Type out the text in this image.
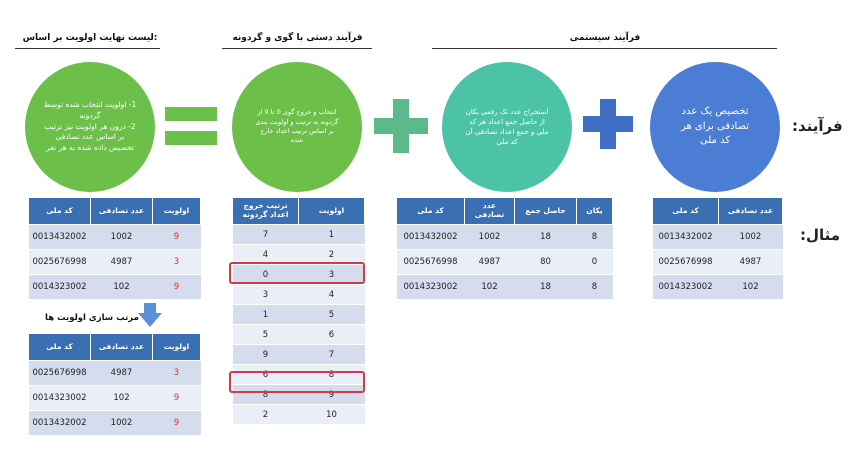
لیست نهایت اولویت بر اساس:	فرآیند دستی با گوی و گردونه	فرآیند سیستمی
1- اولویت انتخاب شده توسط گردونه
2- درون هر اولویت نیز ترتیب بر اساس عدد تصادفی تخصیص داده شده به هر نفر
انتخاب و خروج گوی 0 تا 9 از گردونه به ترتیب و اولویت بندی بر اساس ترتیب اعداد خارج شده
استخراج عدد تک رقمی یکان از حاصل جمع اعداد هر کد ملی و جمع اعداد تصادفی آن کد ملی
تخصیص یک عدد تصادفی برای هر کد ملی
فرآیند:
مثال:
کد ملی	عدد تصادفی
0013432002	1002
0025676998	4987
0014323002	102
کد ملی	عدد تصادفی	حاصل جمع	یکان
0013432002	1002	18	8
0025676998	4987	80	0
0014323002	102	18	8
ترتیب خروج اعداد گردونه	اولویت
7	1
4	2
0	3
3	4
1	5
5	6
9	7
6	8
8	9
2	10
کد ملی	عدد تصادفی	اولویت
0013432002	1002	9
0025676998	4987	3
0014323002	102	9
مرتب سازی اولویت ها
کد ملی	عدد تصادفی	اولویت
0025676998	4987	3
0014323002	102	9
0013432002	1002	9
